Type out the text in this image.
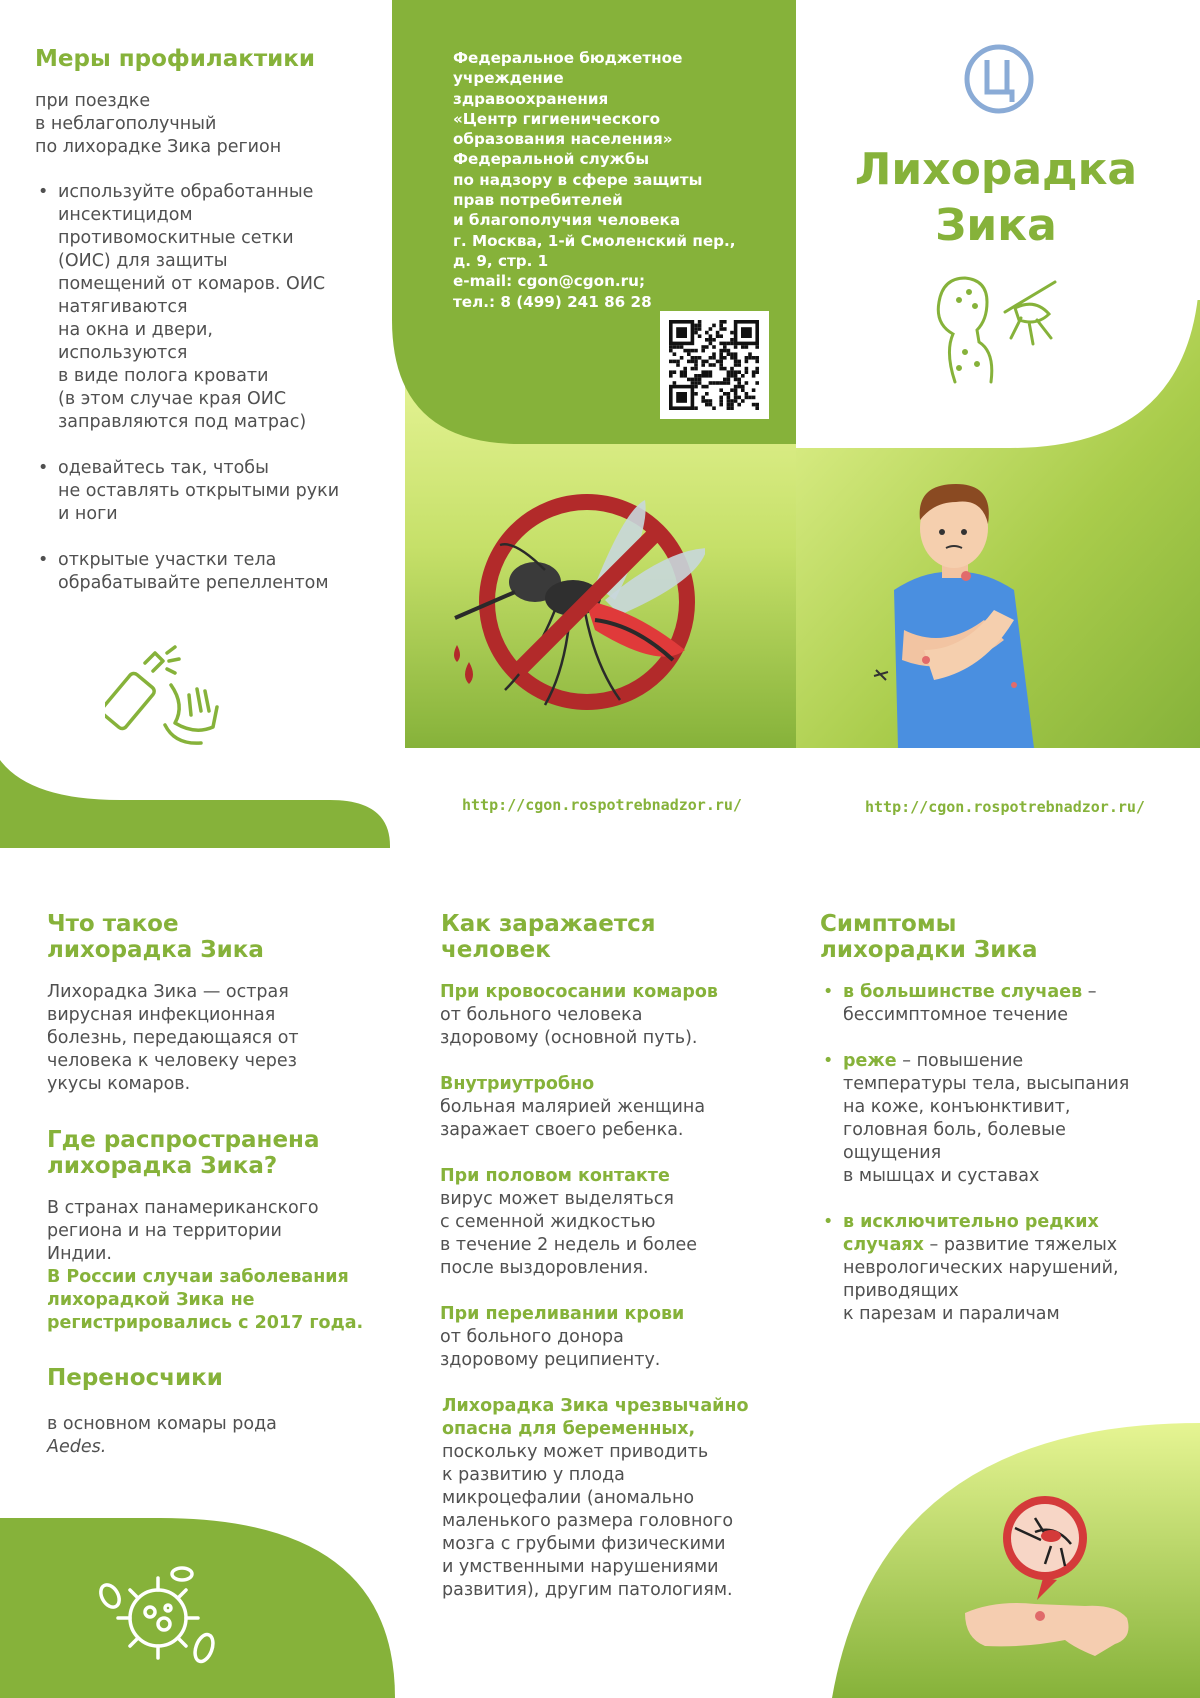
Меры профилактики

при поездке

в неблагополучный

по лихорадке Зика регион

• используйте обработанные

инсектицидом

противомоскитные сетки

(ОИС) для защиты

помещений от комаров. ОИС

натягиваются

на окна и двери,

используются

в виде полога кровати

(в этом случае края ОИС

заправляются под матрас)

• одевайтесь так, чтобы

не оставлять открытыми руки

и ноги

• открытые участки тела

обрабатывайте репеллентом

Федеральное бюджетное
учреждение
здравоохранения
«Центр гигиенического
образования населения»
Федеральной службы
по надзору в сфере защиты
прав потребителей
и благополучия человека
г. Москва, 1-й Смоленский пер.,
д. 9, стр. 1
e-mail: cgon@cgon.ru;
тел.: 8 (499) 241 86 28
http://cgon.rospotrebnadzor.ru/
Лихорадка
Зика
http://cgon.rospotrebnadzor.ru/
Что такое
лихорадка Зика

Лихорадка Зика — острая

вирусная инфекционная

болезнь, передающаяся от

человека к человеку через

укусы комаров.

Где распространена
лихорадка Зика?

В странах панамериканского

региона и на территории

Индии.

В России случаи заболевания

лихорадкой Зика не

регистрировались с 2017 года.

Переносчики

в основном комары рода

Aedes.

Как заражается
человек

При кровососании комаров

от больного человека

здоровому (основной путь).

Внутриутробно

больная малярией женщина

заражает своего ребенка.

При половом контакте

вирус может выделяться

с семенной жидкостью

в течение 2 недель и более

после выздоровления.

При переливании крови

от больного донора

здоровому реципиенту.

Лихорадка Зика чрезвычайно

опасна для беременных,

поскольку может приводить

к развитию у плода

микроцефалии (аномально

маленького размера головного

мозга с грубыми физическими

и умственными нарушениями

развития), другим патологиям.

Симптомы
лихорадки Зика

• в большинстве случаев –

бессимптомное течение

• реже – повышение

температуры тела, высыпания

на коже, конъюнктивит,

головная боль, болевые

ощущения

в мышцах и суставах

• в исключительно редких

случаях – развитие тяжелых

неврологических нарушений,

приводящих

к парезам и параличам
